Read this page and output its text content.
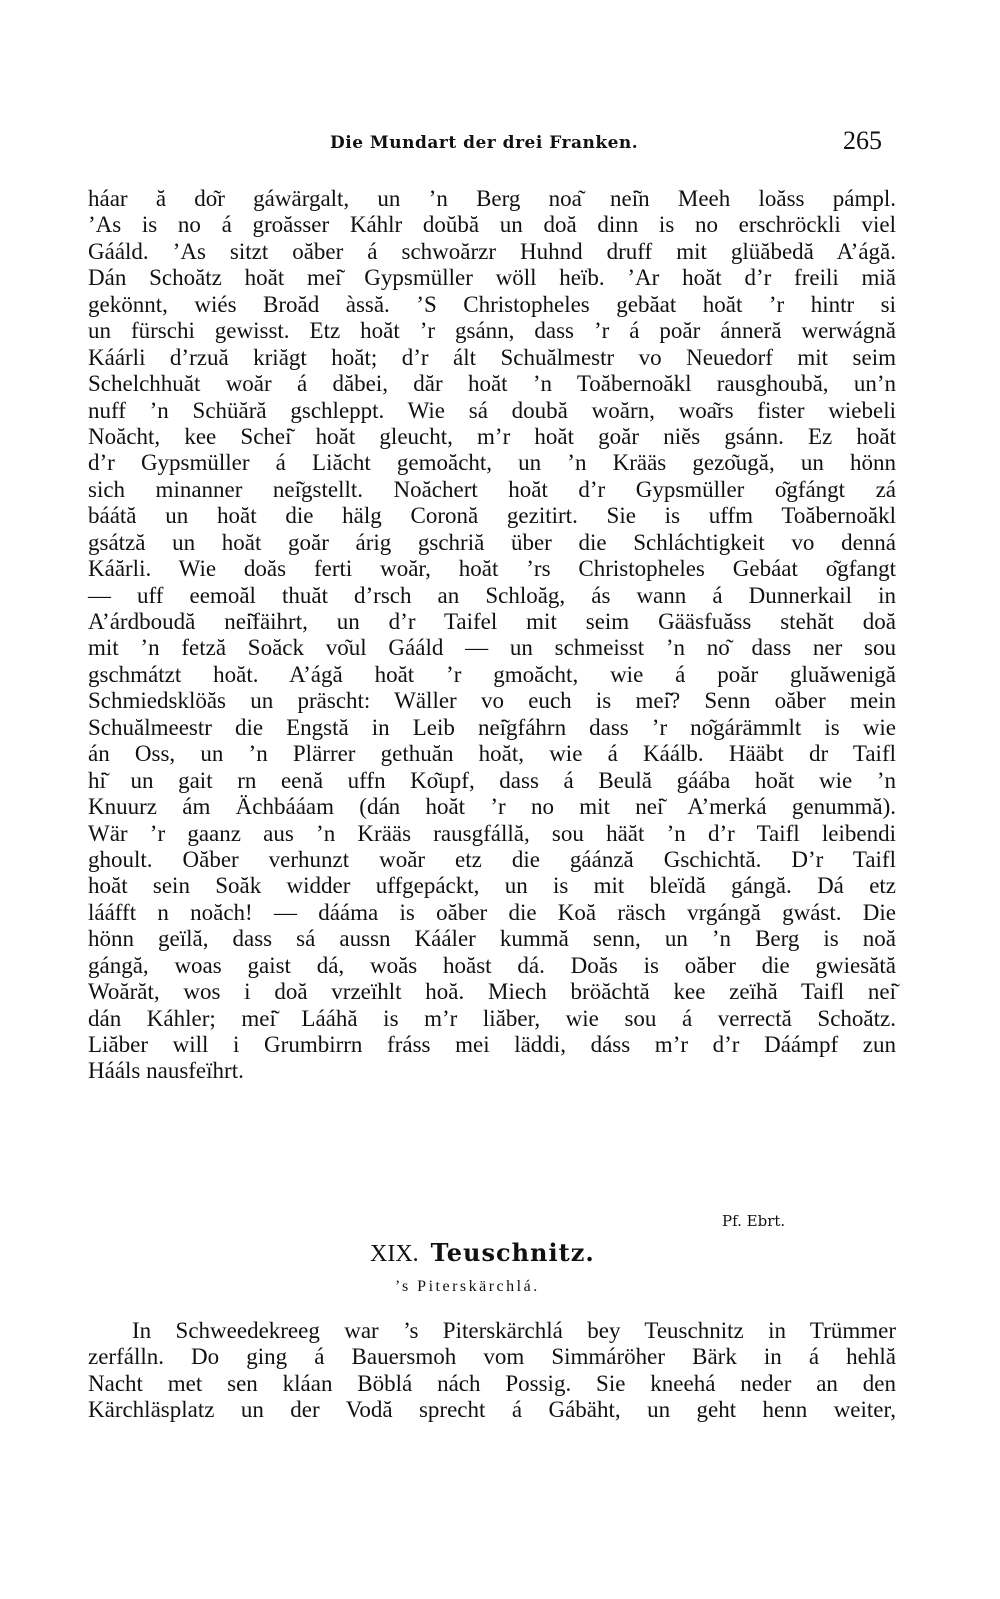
Die Mundart der drei Franken.	265
háar ă do͂r gáwärgalt, un ’n Berg noa͂ nei͂n Meeh loăss pámpl.
’As is no á groăsser Káhlr doŭbă un doă dinn is no erschröckli viel
Gááld. ’As sitzt oăber á schwoărzr Huhnd druff mit glüăbedă A’ágă.
Dán Schoătz hoăt mei͂ Gypsmüller wöll heïb. ’Ar hoăt d’r freili miă
gekönnt, wiés Broăd àssă. ’S Christopheles gebăat hoăt ’r hintr si
un fürschi gewisst. Etz hoăt ’r gsánn, dass ’r á poăr ánneră werwágnă
Káárli d’rzuă kriăgt hoăt; d’r ált Schuălmestr vo Neuedorf mit seim
Schelchhuăt woăr á dăbei, dăr hoăt ’n Toăbernoăkl rausghoubă, un’n
nuff ’n Schüără gschleppt. Wie sá doubă woărn, woa͂rs fister wiebeli
Noăcht, kee Schei͂ hoăt gleucht, m’r hoăt goăr niĕs gsánn. Ez hoăt
d’r Gypsmüller á Liăcht gemoăcht, un ’n Krääs gezo͂ugă, un hönn
sich minanner nei͂gstellt. Noăchert hoăt d’r Gypsmüller o͂gfángt zá
báátă un hoăt die hälg Coronă gezitirt. Sie is uffm Toăbernoăkl
gsátză un hoăt goăr árig gschriă über die Schláchtigkeit vo denná
Káărli. Wie doăs ferti woăr, hoăt ’rs Christopheles Gebáat o͂gfangt
— uff eemoăl thuăt d’rsch an Schloăg, ás wann á Dunnerkail in
A’árdboudă nei͂fäihrt, un d’r Taifel mit seim Gääsfuăss stehăt doă
mit ’n fetză Soăck vo͂ul Gááld — un schmeisst ’n no͂ dass ner sou
gschmátzt hoăt. A’ágă hoăt ’r gmoăcht, wie á poăr gluăwenigă
Schmiedsklöăs un präscht: Wäller vo euch is mei͂? Senn oăber mein
Schuălmeestr die Engstă in Leib nei͂gfáhrn dass ’r no͂gárämmlt is wie
án Oss, un ’n Plärrer gethuăn hoăt, wie á Káálb. Hääbt dr Taifl
hi͂ un gait rn eenă uffn Ko͂upf, dass á Beulă gáába hoăt wie ’n
Knuurz ám Ächbááam (dán hoăt ’r no mit nei͂ A’merká genummă).
Wär ’r gaanz aus ’n Krääs rausgfállă, sou häăt ’n d’r Taifl leibendi
ghoult. Oăber verhunzt woăr etz die gáánză Gschichtă. D’r Taifl
hoăt sein Soăk widder uffgepáckt, un is mit bleïdă gángă. Dá etz
lááfft n noăch! — dááma is oăber die Koă räsch vrgángă gwást. Die
hönn geïlă, dass sá aussn Kááler kummă senn, un ’n Berg is noă
gángă, woas gaist dá, woăs hoăst dá. Doăs is oăber die gwiesătă
Woărăt, wos i doă vrzeïhlt hoă. Miech bröăchtă kee zeïhă Taifl nei͂
dán Káhler; mei͂ Lááhă is m’r liăber, wie sou á verrectă Schoătz.
Liăber will i Grumbirrn fráss mei läddi, dáss m’r d’r Dáámpf zun
Hááls nausfeïhrt.
Pf. Ebrt.
XIX. Teuschnitz.
’s Piterskärchlá.
In Schweedekreeg war ’s Piterskärchlá bey Teuschnitz in Trümmer
zerfálln. Do ging á Bauersmoh vom Simmáröher Bärk in á hehlă
Nacht met sen kláan Böblá nách Possig. Sie kneehá neder an den
Kärchläsplatz un der Vodă sprecht á Gábäht, un geht henn weiter,
